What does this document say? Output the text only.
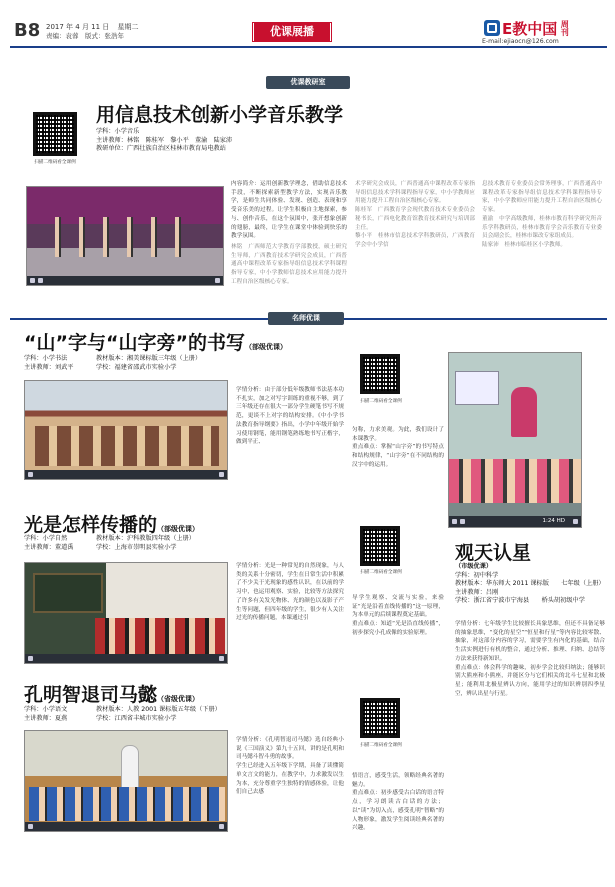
B8 2017 年 4 月 11 日 星期二
责编：袁蓉　版式：张浩年	优课展播	E教中国 周刊
E-mail:ejiaocn@126.com
优课教研室
扫描二维码看全课例
用信息技术创新小学音乐教学
学科：小学音乐
主讲教师：林铭　陈桂军　黎小平　董渝　陆家沛
教研单位：广西壮族自治区桂林市教育局电教站
内容简介：运用创新教学理念，借助信息技术手段，不断探索新型教学方法，实现音乐教学，是师生共同体验、发现、创造、表现和享受音乐美的过程。让学生积极自主地探索，参与、创作音乐，在这个氛围中，张开想象创新的翅膀，最终，让学生在课堂中体验到快乐的教学氛围。
林铭　广西师范大学教育学部教授，硕士研究生导师，广西教育技术学研究会成员，广西普通高中课程改革专家指导组信息技术学科课程指导专家，中小学教师信息技术应用能力提升工程自治区级核心专家。
术学研究会成员，广西普通高中课程改革专家指导组信息技术学科课程指导专家，中小学教师应用能力提升工程自治区级核心专家。
陈桂军　广西教育学会现代教育技术专业委员会秘书长，广西电化教育馆教育技术研究与培训部主任。
黎小平　桂林市信息技术学科教研员，广西教育学会中小学信
息技术教育专业委员会常务理事，广西普通高中课程改革专家指导组信息技术学科课程指导专家，中小学教师应用能力提升工程自治区级核心专家。
董渝　中学高级教师，桂林市教育科学研究所音乐学科教研员，桂林市教育学会音乐教育专业委员会副会长，桂林市课改专家组成员。
陆家沛　桂林市临桂区小学教师。
名师优课
“山”字与“山字旁”的书写（部级优课）
学科：小学书法	教材版本：湘美课标版三年级（上册）
主讲教师：刘武平	学校：福建省邵武市实验小学
学情分析：由于部分低年级教师书法基本功不扎实，加之对写字训练的重视不够，到了三年级还存在很大一部分学生硬笔书写不规范，更谈不上对字的结构安排。《中小学书法教育指导纲要》指出，小学中年级开始学习使用钢笔，能用钢笔熟练地书写正楷字，做到平正、
扫描二维码看全课例
匀称，力求美观。为此，我们设计了本课教学。
重点难点：掌握“山字旁”的书写特点和结构规律，“山字旁”在不同结构的汉字中的运用。
1:24 HD
光是怎样传播的（部级优课）
学科：小学自然	教材版本：沪科教版四年级（上册）
主讲教师：董道禹	学校：上海市崇明县实验小学
学情分析：光是一种常见的自然现象，与人类的关系十分密切，学生在日常生活中积累了不少关于光现象的感性认识，在以前的学习中，也运用观察、实验，比较等方法探究了许多有关发光物体、光的颜色以及影子产生等问题，但四年级的学生，很少有人关注过光的传播问题，本课通过引
扫描二维码看全课例
导学生观察、交流与实验，来验证“光是沿着直线传播的”这一原理，为本单元的后续课程奠定基础。
重点难点：知道“光是沿直线传播”，初步探究小孔成像的实验原理。
观天认星
（市级优课）
学科：初中科学
教材版本：华东师大 2011 课标版　　七年级（上册）
主讲教师：吕刚
学校：浙江省宁波市宁海县　　桥头胡初级中学
学情分析：七年级学生比较擅长具象思维，但还不具备足够的抽象思维，“变化的星空”“恒星和行星”等内容比较零散、抽象，对这部分内容的学习，需要学生有内化的基础，结合生活实例进行有机的整合，通过分析、推理、归纳、总结等方法来获得新知识。
重点难点：体会科学的趣味，初步学会比较归纳法；能够识别大熊座和小熊座，并能区分与它们相关的北斗七星和北极星；能利用北极星辨认方向，能用学过的知识辨别四季星空，辨认出星与行星。
孔明智退司马懿（省级优课）
学科：小学语文	教材版本：人教 2001 课标版五年级（下册）
主讲教师：夏燕	学校：江西省丰城市实验小学
学情分析：《孔明智退司马懿》选自经典小说《三国演义》第九十五回，讲的是孔明和司马懿斗智斗勇的故事。
学生已经进入五年级下学期，具备了读懂简单文言文的能力，在教学中，力求激发以生为本，充分尊重学生独特的情感体验，让他们自己去感
扫描二维码看全课例
悟语言，感受生活，领略经典名著的魅力。
重点难点：初步感受古白话的语言特点，学习朗读古白话的方法；以“读”为切入点，感受孔明“智略”的人物形象，激发学生阅读经典名著的兴趣。
